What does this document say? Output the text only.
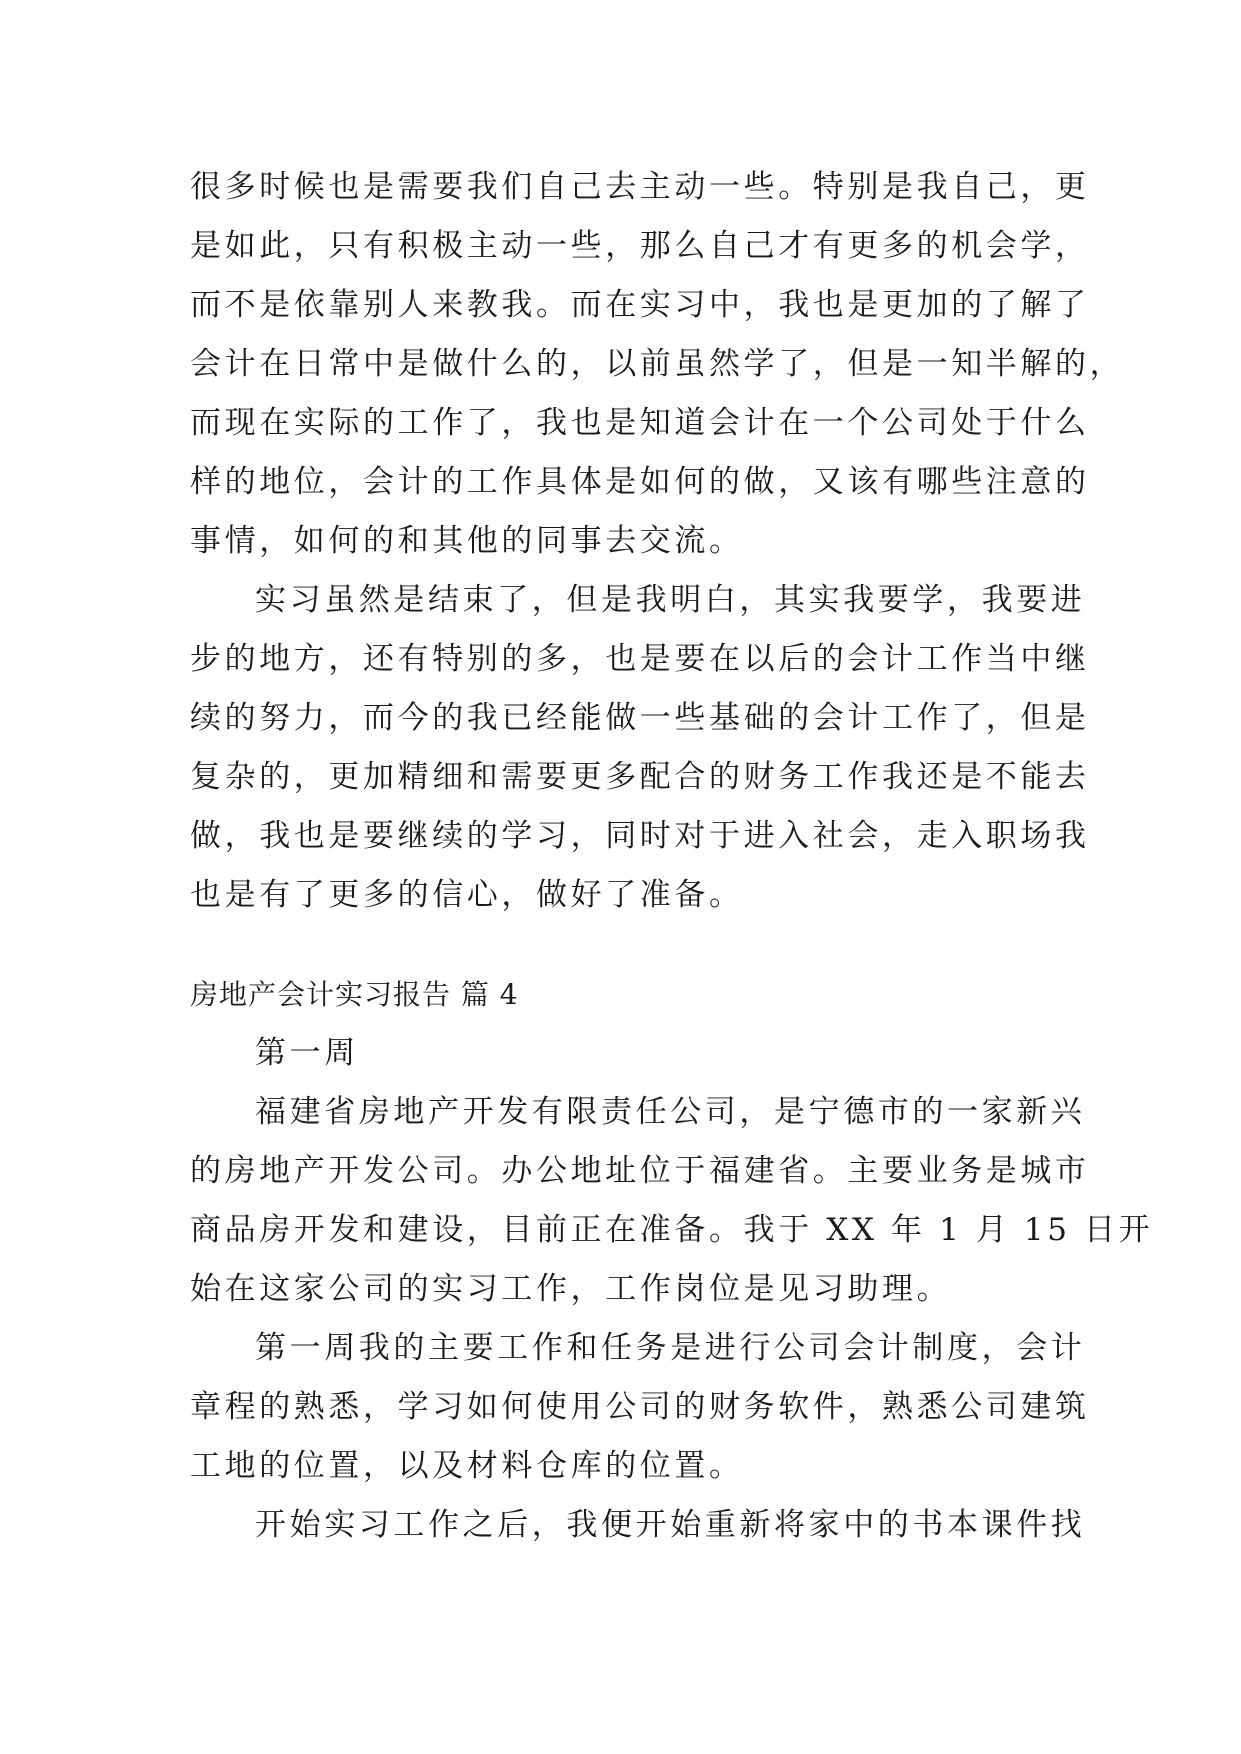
很多时候也是需要我们自己去主动一些。特别是我自己，更
是如此，只有积极主动一些，那么自己才有更多的机会学，
而不是依靠别人来教我。而在实习中，我也是更加的了解了
会计在日常中是做什么的，以前虽然学了，但是一知半解的，
而现在实际的工作了，我也是知道会计在一个公司处于什么
样的地位，会计的工作具体是如何的做，又该有哪些注意的
事情，如何的和其他的同事去交流。
实习虽然是结束了，但是我明白，其实我要学，我要进
步的地方，还有特别的多，也是要在以后的会计工作当中继
续的努力，而今的我已经能做一些基础的会计工作了，但是
复杂的，更加精细和需要更多配合的财务工作我还是不能去
做，我也是要继续的学习，同时对于进入社会，走入职场我
也是有了更多的信心，做好了准备。
房地产会计实习报告 篇 4
第一周
福建省房地产开发有限责任公司，是宁德市的一家新兴
的房地产开发公司。办公地址位于福建省。主要业务是城市
商品房开发和建设，目前正在准备。我于 XX 年 1 月 15 日开
始在这家公司的实习工作，工作岗位是见习助理。
第一周我的主要工作和任务是进行公司会计制度，会计
章程的熟悉，学习如何使用公司的财务软件，熟悉公司建筑
工地的位置，以及材料仓库的位置。
开始实习工作之后，我便开始重新将家中的书本课件找
